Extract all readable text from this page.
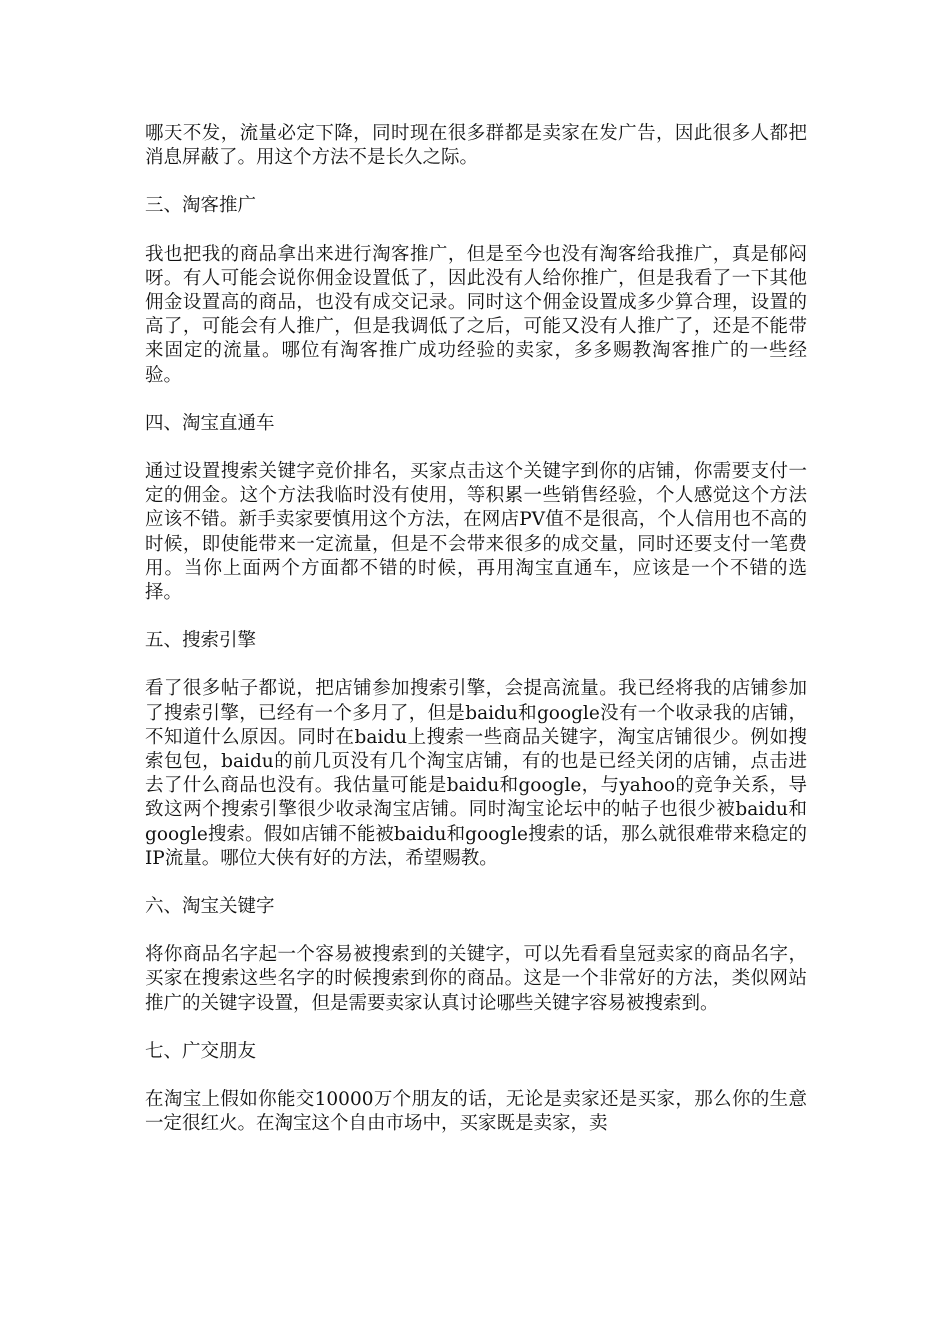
哪天不发，流量必定下降，同时现在很多群都是卖家在发广告，因此很多人都把消息屏蔽了。用这个方法不是长久之际。

三、淘客推广

我也把我的商品拿出来进行淘客推广，但是至今也没有淘客给我推广，真是郁闷呀。有人可能会说你佣金设置低了，因此没有人给你推广，但是我看了一下其他佣金设置高的商品，也没有成交记录。同时这个佣金设置成多少算合理，设置的高了，可能会有人推广，但是我调低了之后，可能又没有人推广了，还是不能带来固定的流量。哪位有淘客推广成功经验的卖家，多多赐教淘客推广的一些经验。

四、淘宝直通车

通过设置搜索关键字竞价排名，买家点击这个关键字到你的店铺，你需要支付一定的佣金。这个方法我临时没有使用，等积累一些销售经验，个人感觉这个方法应该不错。新手卖家要慎用这个方法，在网店PV值不是很高，个人信用也不高的时候，即使能带来一定流量，但是不会带来很多的成交量，同时还要支付一笔费用。当你上面两个方面都不错的时候，再用淘宝直通车，应该是一个不错的选择。

五、搜索引擎

看了很多帖子都说，把店铺参加搜索引擎，会提高流量。我已经将我的店铺参加了搜索引擎，已经有一个多月了，但是baidu和google没有一个收录我的店铺，不知道什么原因。同时在baidu上搜索一些商品关键字，淘宝店铺很少。例如搜索包包，baidu的前几页没有几个淘宝店铺，有的也是已经关闭的店铺，点击进去了什么商品也没有。我估量可能是baidu和google，与yahoo的竞争关系，导致这两个搜索引擎很少收录淘宝店铺。同时淘宝论坛中的帖子也很少被baidu和google搜索。假如店铺不能被baidu和google搜索的话，那么就很难带来稳定的IP流量。哪位大侠有好的方法，希望赐教。

六、淘宝关键字

将你商品名字起一个容易被搜索到的关键字，可以先看看皇冠卖家的商品名字，买家在搜索这些名字的时候搜索到你的商品。这是一个非常好的方法，类似网站推广的关键字设置，但是需要卖家认真讨论哪些关键字容易被搜索到。

七、广交朋友

在淘宝上假如你能交10000万个朋友的话，无论是卖家还是买家，那么你的生意一定很红火。在淘宝这个自由市场中，买家既是卖家，卖
